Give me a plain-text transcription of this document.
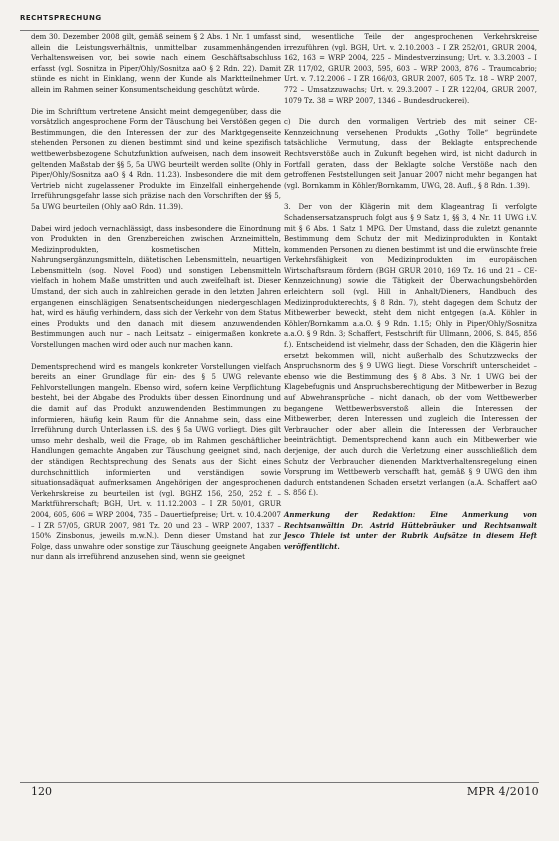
RECHTSPRECHUNG

dem 30. Dezember 2008 gilt, gemäß seinem § 2 Abs. 1 Nr. 1 umfasst allein die Leistungsverhältnis, unmittelbar zusammenhängenden Verhaltensweisen vor, bei sowie nach einem Geschäftsabschluss erfasst (vgl. Sosnitza in Piper/Ohly/Sosnitza aaO § 2 Rdn. 22). Damit stünde es nicht in Einklang, wenn der Kunde als Marktteilnehmer allein im Rahmen seiner Konsumentscheidung geschützt würde.

Die im Schrifttum vertretene Ansicht meint demgegenüber, dass die vorsätzlich angesprochene Form der Täuschung bei Verstößen gegen Bestimmungen, die den Interessen der zur des Marktgegenseite stehenden Personen zu dienen bestimmt sind und keine spezifisch wettbewerbsbezogene Schutzfunktion aufweisen, nach dem insoweit geltenden Maßstab der §§ 5, 5a UWG beurteilt werden sollte (Ohly in Piper/Ohly/Sosnitza aaO § 4 Rdn. 11.23). Insbesondere die mit dem Vertrieb nicht zugelassener Produkte im Einzelfall einhergehende Irreführungsgefahr lasse sich präzise nach den Vorschriften der §§ 5, 5a UWG beurteilen (Ohly aaO Rdn. 11.39).

Dabei wird jedoch vernachlässigt, dass insbesondere die Einordnung von Produkten in den Grenzbereichen zwischen Arzneimitteln, Medizinprodukten, kosmetischen Mitteln, Nahrungsergänzungsmitteln, diätetischen Lebensmitteln, neuartigen Lebensmitteln (sog. Novel Food) und sonstigen Lebensmitteln vielfach in hohem Maße umstritten und auch zweifelhaft ist. Dieser Umstand, der sich auch in zahlreichen gerade in den letzten Jahren ergangenen einschlägigen Senatsentscheidungen niedergeschlagen hat, wird es häufig verhindern, dass sich der Verkehr von dem Status eines Produkts und den danach mit diesem anzuwendenden Bestimmungen auch nur – nach Leitsatz – einigermaßen konkrete Vorstellungen machen wird oder auch nur machen kann.

Dementsprechend wird es mangels konkreter Vorstellungen vielfach bereits an einer Grundlage für ein- des § 5 UWG relevante Fehlvorstellungen mangeln. Ebenso wird, sofern keine Verpflichtung besteht, bei der Abgabe des Produkts über dessen Einordnung und die damit auf das Produkt anzuwendenden Bestimmungen zu informieren, häufig kein Raum für die Annahme sein, dass eine Irreführung durch Unterlassen i.S. des § 5a UWG vorliegt. Dies gilt umso mehr deshalb, weil die Frage, ob im Rahmen geschäftlicher Handlungen gemachte Angaben zur Täuschung geeignet sind, nach der ständigen Rechtsprechung des Senats aus der Sicht eines durchschnittlich informierten und verständigen sowie situationsadäquat aufmerksamen Angehörigen der angesprochenen Verkehrskreise zu beurteilen ist (vgl. BGHZ 156, 250, 252 f. – Marktführerschaft; BGH, Urt. v. 11.12.2003 – I ZR 50/01, GRUR 2004, 605, 606 = WRP 2004, 735 – Dauertiefpreise; Urt. v. 10.4.2007 – I ZR 57/05, GRUR 2007, 981 Tz. 20 und 23 – WRP 2007, 1337 – 150% Zinsbonus, jeweils m.w.N.). Denn dieser Umstand hat zur Folge, dass unwahre oder sonstige zur Täuschung geeignete Angaben nur dann als irreführend anzusehen sind, wenn sie geeignet

sind, wesentliche Teile der angesprochenen Verkehrskreise irrezuführen (vgl. BGH, Urt. v. 2.10.2003 – I ZR 252/01, GRUR 2004, 162, 163 = WRP 2004, 225 – Mindestverzinsung; Urt. v. 3.3.2003 – I ZR 117/02, GRUR 2003, 595, 603 – WRP 2003, 876 – Traumcabrio; Urt. v. 7.12.2006 – I ZR 166/03, GRUR 2007, 605 Tz. 18 – WRP 2007, 772 – Umsatzzuwachs; Urt. v. 29.3.2007 – I ZR 122/04, GRUR 2007, 1079 Tz. 38 = WRP 2007, 1346 – Bundesdruckerei).

c) Die durch den vormaligen Vertrieb des mit seiner CE-Kennzeichnung versehenen Produkts „Gothy Tolle“ begründete tatsächliche Vermutung, dass der Beklagte entsprechende Rechtsverstöße auch in Zukunft begehen wird, ist nicht dadurch in Fortfall geraten, dass der Beklagte solche Verstöße nach den getroffenen Feststellungen seit Januar 2007 nicht mehr begangen hat (vgl. Bornkamm in Köhler/Bornkamm, UWG, 28. Aufl., § 8 Rdn. 1.39).

3. Der von der Klägerin mit dem Klageantrag Ii verfolgte Schadensersatzanspruch folgt aus § 9 Satz 1, §§ 3, 4 Nr. 11 UWG i.V. mit § 6 Abs. 1 Satz 1 MPG. Der Umstand, dass die zuletzt genannte Bestimmung dem Schutz der mit Medizinprodukten in Kontakt kommenden Personen zu dienen bestimmt ist und die erwünschte freie Verkehrsfähigkeit von Medizinprodukten im europäischen Wirtschaftsraum fördern (BGH GRUR 2010, 169 Tz. 16 und 21 – CE-Kennzeichnung) sowie die Tätigkeit der Überwachungsbehörden erleichtern soll (vgl. Hill in Anhalt/Dieners, Handbuch des Medizinprodukterechts, § 8 Rdn. 7), steht dagegen dem Schutz der Mitbewerber beweckt, steht dem nicht entgegen (a.A. Köhler in Köhler/Bornkamm a.a.O. § 9 Rdn. 1.15; Ohly in Piper/Ohly/Sosnitza a.a.O. § 9 Rdn. 3; Schaffert, Festschrift für Ullmann, 2006, S. 845, 856 f.). Entscheidend ist vielmehr, dass der Schaden, den die Klägerin hier ersetzt bekommen will, nicht außerhalb des Schutzzwecks der Anspruchsnorm des § 9 UWG liegt. Diese Vorschrift unterscheidet – ebenso wie die Bestimmung des § 8 Abs. 3 Nr. 1 UWG bei der Klagebefugnis und Anspruchsberechtigung der Mitbewerber in Bezug auf Abwehransprüche – nicht danach, ob der vom Wettbewerber begangene Wettbewerbsverstoß allein die Interessen der Mitbewerber, deren Interessen und zugleich die Interessen der Verbraucher oder aber allein die Interessen der Verbraucher beeinträchtigt. Dementsprechend kann auch ein Mitbewerber wie derjenige, der auch durch die Verletzung einer ausschließlich dem Schutz der Verbraucher dienenden Marktverhaltensregelung einen Vorsprung im Wettbewerb verschafft hat, gemäß § 9 UWG den ihm dadurch entstandenen Schaden ersetzt verlangen (a.A. Schaffert aaO S. 856 f.).

Anmerkung der Redaktion: Eine Anmerkung von Rechtsanwältin Dr. Astrid Hüttebräuker und Rechtsanwalt Jesco Thiele ist unter der Rubrik Aufsätze in diesem Heft veröffentlicht.

120	MPR 4/2010
